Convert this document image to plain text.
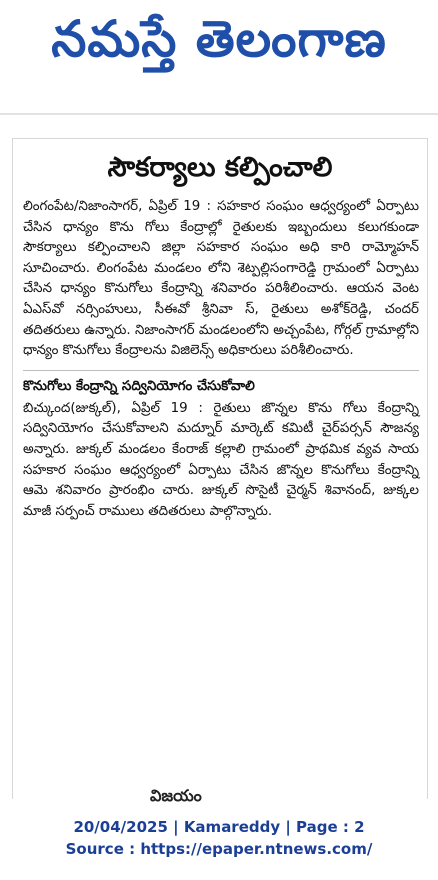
నమస్తే తెలంగాణ
సౌకర్యాలు కల్పించాలి

లింగంపేట/నిజాంసాగర్, ఏప్రిల్ 19 : సహకార సంఘం ఆధ్వర్యంలో ఏర్పాటు చేసిన ధాన్యం కొను గోలు కేంద్రాల్లో రైతులకు ఇబ్బందులు కలుగకుండా సౌకర్యాలు కల్పించాలని జిల్లా సహకార సంఘం అధి కారి రామ్మోహన్ సూచించారు. లింగంపేట మండలం లోని శెట్పల్లిసంగారెడ్డి గ్రామంలో ఏర్పాటు చేసిన ధాన్యం కొనుగోలు కేంద్రాన్ని శనివారం పరిశీలించారు. ఆయన వెంట ఏఎస్‌వో నర్సింహులు, సీఈవో శ్రీనివా స్, రైతులు అశోక్‌రెడ్డి, చందర్ తదితరులు ఉన్నారు. నిజాంసాగర్ మండలంలోని అచ్చంపేట, గోర్గల్ గ్రామాల్లోని ధాన్యం కొనుగోలు కేంద్రాలను విజిలెన్స్ అధికారులు పరిశీలించారు.

కొనుగోలు కేంద్రాన్ని సద్వినియోగం చేసుకోవాలి

బిచ్కుంద(జుక్కల్), ఏప్రిల్ 19 : రైతులు జొన్నల కొను గోలు కేంద్రాన్ని సద్వినియోగం చేసుకోవాలని మద్నూర్ మార్కెట్ కమిటీ చైర్‌పర్సన్ సౌజన్య అన్నారు. జుక్కల్ మండలం కేంరాజ్ కల్లాలి గ్రామంలో ప్రాథమిక వ్యవ సాయ సహకార సంఘం ఆధ్వర్యంలో ఏర్పాటు చేసిన జొన్నల కొనుగోలు కేంద్రాన్ని ఆమె శనివారం ప్రారంభిం చారు. జుక్కల్ సొసైటీ చైర్మన్ శివానంద్, జుక్కల మాజీ సర్పంచ్ రాములు తదితరులు పాల్గొన్నారు.

విజయం
20/04/2025 | Kamareddy | Page : 2
Source : https://epaper.ntnews.com/
